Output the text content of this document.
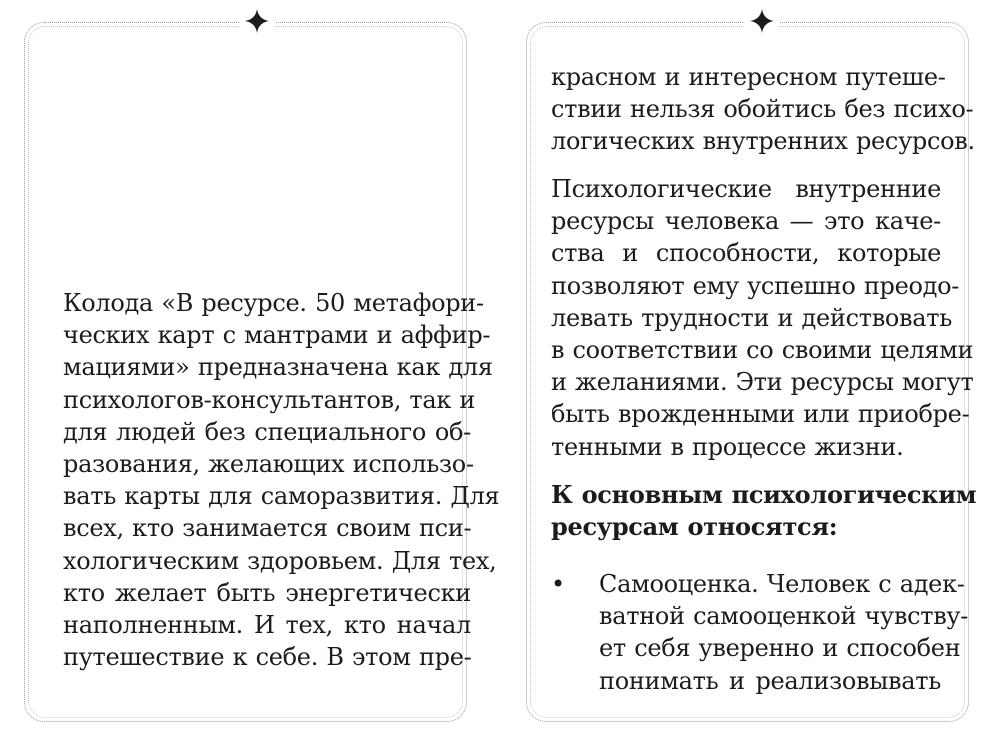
Колода «В ресурсе. 50 метафори-
ческих карт с мантрами и аффир-
мациями» предназначена как для
психологов-консультантов, так и
для людей без специального об-
разования, желающих использо-
вать карты для саморазвития. Для
всех, кто занимается своим пси-
хологическим здоровьем. Для тех,
кто желает быть энергетически
наполненным. И тех, кто начал
путешествие к себе. В этом пре-
красном и интересном путеше-
ствии нельзя обойтись без психо-
логических внутренних ресурсов.
Психологические внутренние
ресурсы человека — это каче-
ства и способности, которые
позволяют ему успешно преодо-
левать трудности и действовать
в соответствии со своими целями
и желаниями. Эти ресурсы могут
быть врожденными или приобре-
тенными в процессе жизни.
К основным психологическим
ресурсам относятся:
• Самооценка. Человек с адек-
ватной самооценкой чувству-
ет себя уверенно и способен
понимать и реализовывать
